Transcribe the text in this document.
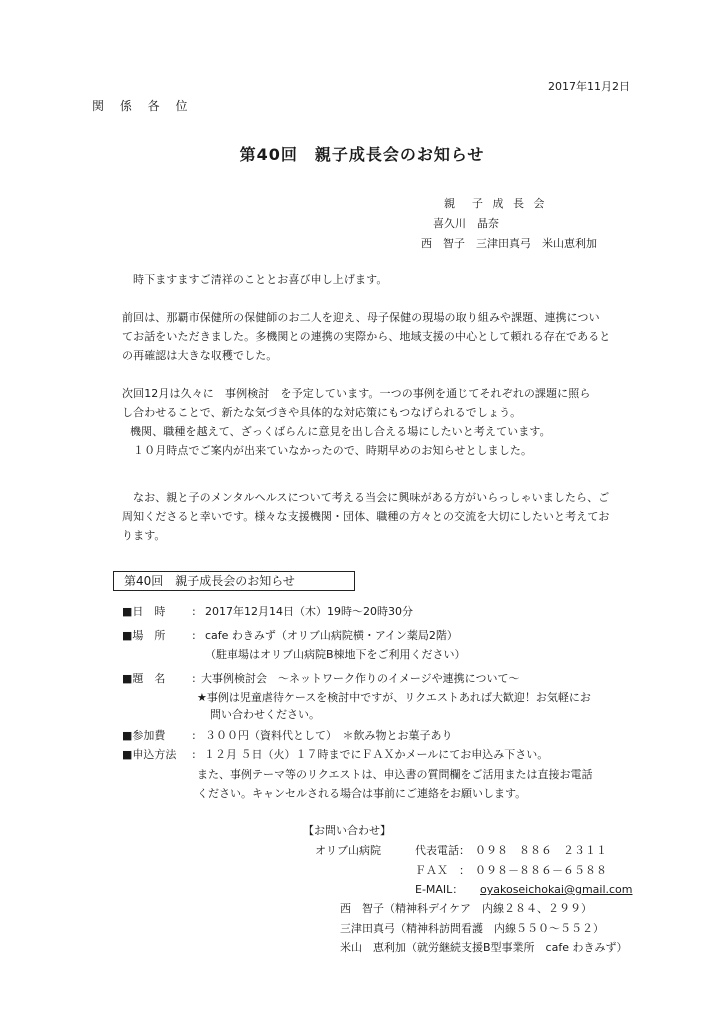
2017年11月2日
関 係 各 位
第40回　親子成長会のお知らせ
親　子 成 長 会
喜久川　晶奈
西　智子　三津田真弓　米山恵利加
時下ますますご清祥のこととお喜び申し上げます。
前回は、那覇市保健所の保健師のお二人を迎え、母子保健の現場の取り組みや課題、連携につい
てお話をいただきました。多機関との連携の実際から、地域支援の中心として頼れる存在であると
の再確認は大きな収穫でした。
次回12月は久々に　事例検討　を予定しています。一つの事例を通じてそれぞれの課題に照ら
し合わせることで、新たな気づきや具体的な対応策にもつなげられるでしょう。
機関、職種を越えて、ざっくばらんに意見を出し合える場にしたいと考えています。
１０月時点でご案内が出来ていなかったので、時期早めのお知らせとしました。
なお、親と子のメンタルヘルスについて考える当会に興味がある方がいらっしゃいましたら、ご
周知くださると幸いです。様々な支援機関・団体、職種の方々との交流を大切にしたいと考えてお
ります。
第40回　親子成長会のお知らせ
■日　時 : 2017年12月14日（木）19時～20時30分
■場　所 : cafe わきみず（オリブ山病院横・アイン薬局2階）
（駐車場はオリブ山病院B棟地下をご利用ください）
■題　名 : 大事例検討会　～ネットワーク作りのイメージや連携について～
★事例は児童虐待ケースを検討中ですが、リクエストあれば大歓迎！お気軽にお
問い合わせください。
■参加費 : ３００円（資料代として）　＊飲み物とお菓子あり
■申込方法 : １２月 ５日（火）１７時までにＦＡＸかメールにてお申込み下さい。
また、事例テーマ等のリクエストは、申込書の質問欄をご活用または直接お電話
ください。キャンセルされる場合は事前にご連絡をお願いします。
【お問い合わせ】
オリブ山病院	代表電話： ０９８　８８６　２３１１
ＦＡＸ　： ０９８－８８６－６５８８
E-MAIL： oyakoseichokai@gmail.com
西　智子（精神科デイケア　内線２８４、２９９）
三津田真弓（精神科訪問看護　内線５５０～５５２）
米山　恵利加（就労継続支援B型事業所　cafe わきみず）
